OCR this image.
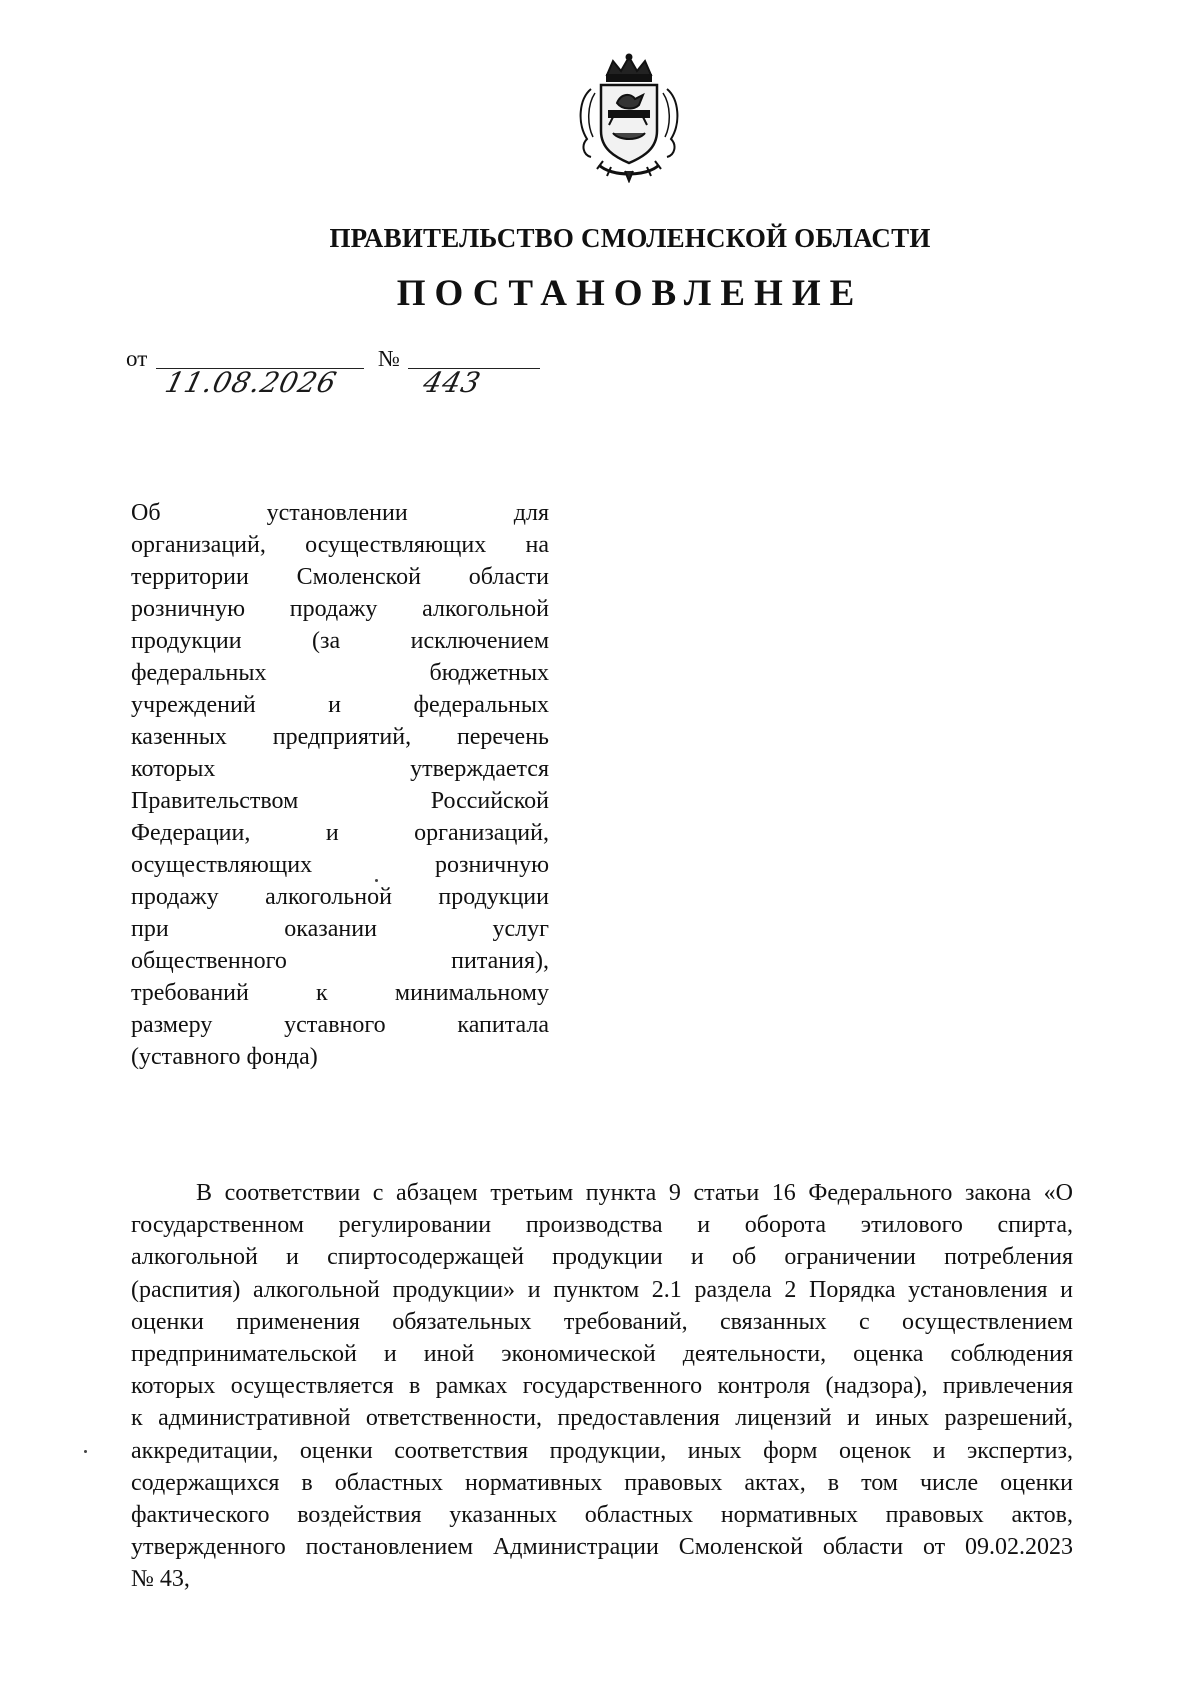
ПРАВИТЕЛЬСТВО СМОЛЕНСКОЙ ОБЛАСТИ
ПОСТАНОВЛЕНИЕ
от
11.08.2026
№
443
Об установлении для
организаций, осуществляющих на
территории Смоленской области
розничную продажу алкогольной
продукции (за исключением
федеральных бюджетных
учреждений и федеральных
казенных предприятий, перечень
которых утверждается
Правительством Российской
Федерации, и организаций,
осуществляющих розничную
продажу алкогольной продукции
при оказании услуг
общественного питания),
требований к минимальному
размеру уставного капитала
(уставного фонда)
В соответствии с абзацем третьим пункта 9 статьи 16 Федерального закона «О
государственном регулировании производства и оборота этилового спирта,
алкогольной и спиртосодержащей продукции и об ограничении потребления
(распития) алкогольной продукции» и пунктом 2.1 раздела 2 Порядка установления и
оценки применения обязательных требований, связанных с осуществлением
предпринимательской и иной экономической деятельности, оценка соблюдения
которых осуществляется в рамках государственного контроля (надзора), привлечения
к административной ответственности, предоставления лицензий и иных разрешений,
аккредитации, оценки соответствия продукции, иных форм оценок и экспертиз,
содержащихся в областных нормативных правовых актах, в том числе оценки
фактического воздействия указанных областных нормативных правовых актов,
утвержденного постановлением Администрации Смоленской области от 09.02.2023
№ 43,
